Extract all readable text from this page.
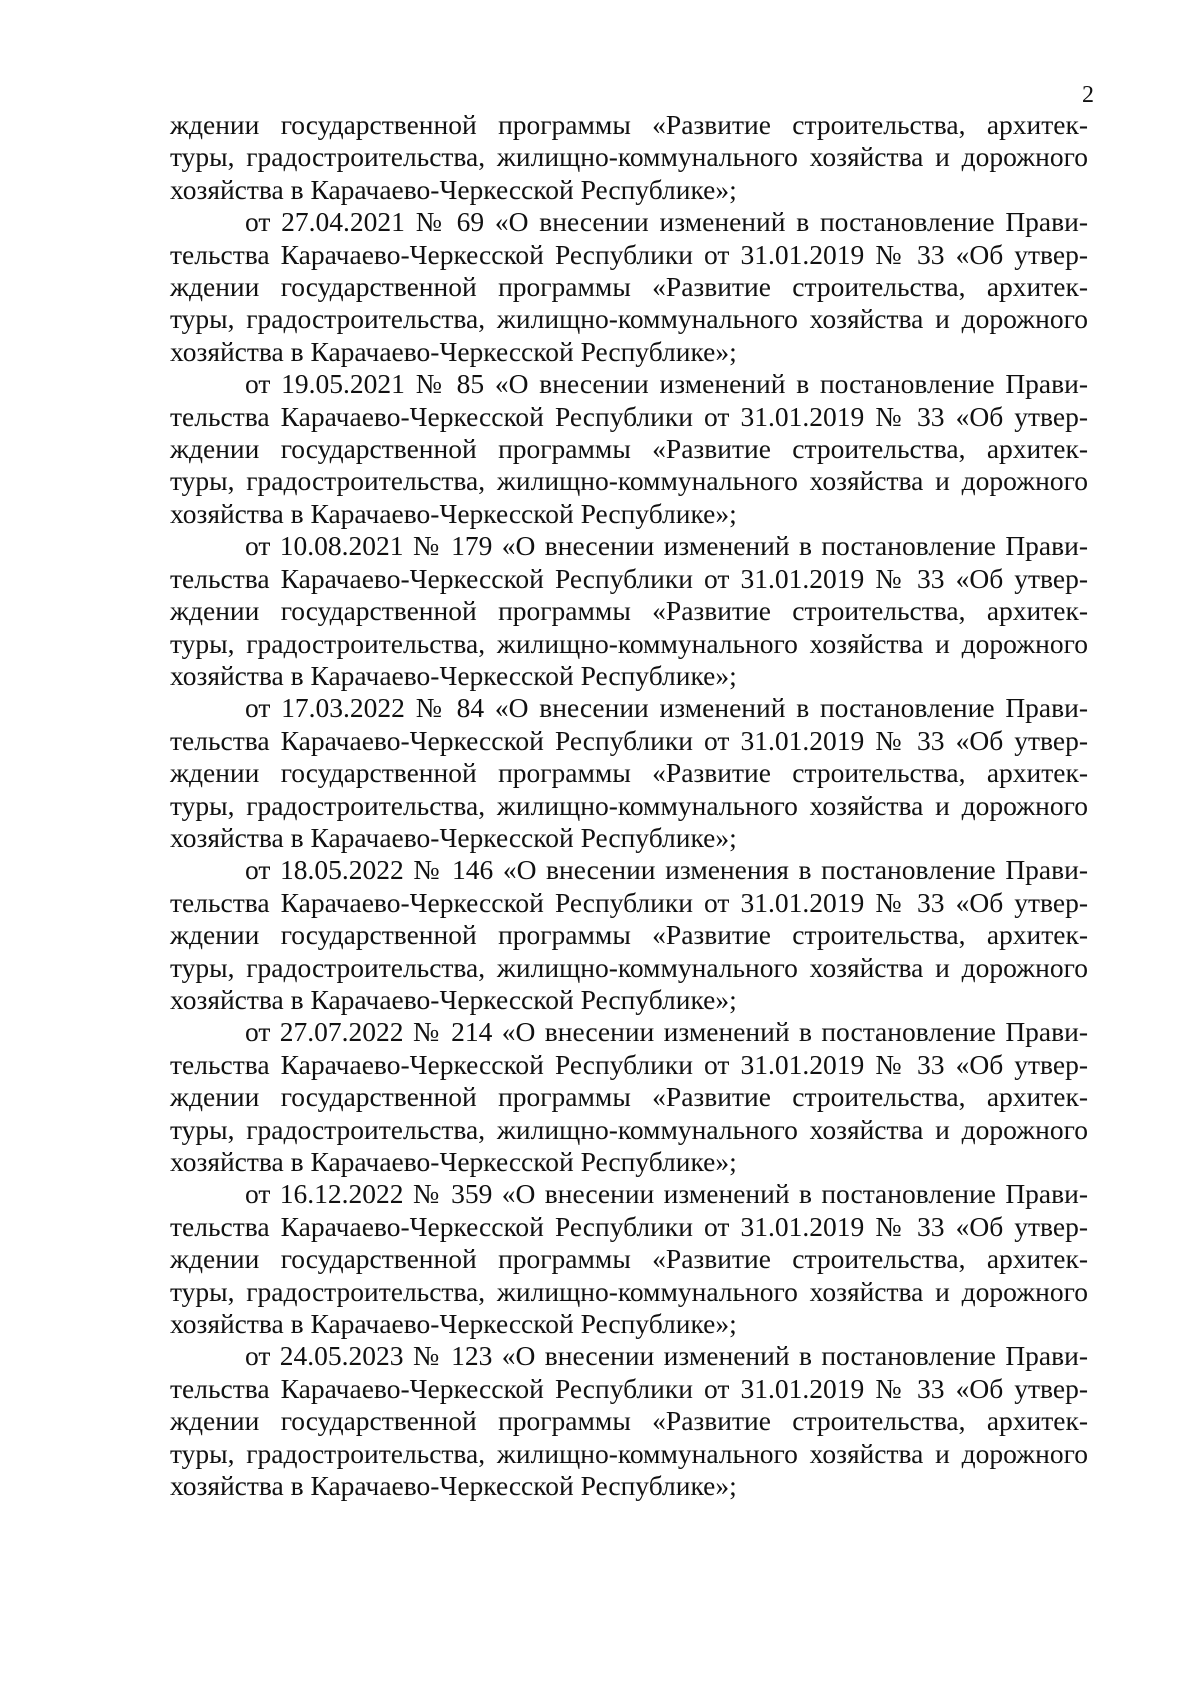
2
ждении государственной программы «Развитие строительства, архитек-
туры, градостроительства, жилищно-коммунального хозяйства и дорожного
хозяйства в Карачаево-Черкесской Республике»;
от 27.04.2021 № 69 «О внесении изменений в постановление Прави-
тельства Карачаево-Черкесской Республики от 31.01.2019 № 33 «Об утвер-
ждении государственной программы «Развитие строительства, архитек-
туры, градостроительства, жилищно-коммунального хозяйства и дорожного
хозяйства в Карачаево-Черкесской Республике»;
от 19.05.2021 № 85 «О внесении изменений в постановление Прави-
тельства Карачаево-Черкесской Республики от 31.01.2019 № 33 «Об утвер-
ждении государственной программы «Развитие строительства, архитек-
туры, градостроительства, жилищно-коммунального хозяйства и дорожного
хозяйства в Карачаево-Черкесской Республике»;
от 10.08.2021 № 179 «О внесении изменений в постановление Прави-
тельства Карачаево-Черкесской Республики от 31.01.2019 № 33 «Об утвер-
ждении государственной программы «Развитие строительства, архитек-
туры, градостроительства, жилищно-коммунального хозяйства и дорожного
хозяйства в Карачаево-Черкесской Республике»;
от 17.03.2022 № 84 «О внесении изменений в постановление Прави-
тельства Карачаево-Черкесской Республики от 31.01.2019 № 33 «Об утвер-
ждении государственной программы «Развитие строительства, архитек-
туры, градостроительства, жилищно-коммунального хозяйства и дорожного
хозяйства в Карачаево-Черкесской Республике»;
от 18.05.2022 № 146 «О внесении изменения в постановление Прави-
тельства Карачаево-Черкесской Республики от 31.01.2019 № 33 «Об утвер-
ждении государственной программы «Развитие строительства, архитек-
туры, градостроительства, жилищно-коммунального хозяйства и дорожного
хозяйства в Карачаево-Черкесской Республике»;
от 27.07.2022 № 214 «О внесении изменений в постановление Прави-
тельства Карачаево-Черкесской Республики от 31.01.2019 № 33 «Об утвер-
ждении государственной программы «Развитие строительства, архитек-
туры, градостроительства, жилищно-коммунального хозяйства и дорожного
хозяйства в Карачаево-Черкесской Республике»;
от 16.12.2022 № 359 «О внесении изменений в постановление Прави-
тельства Карачаево-Черкесской Республики от 31.01.2019 № 33 «Об утвер-
ждении государственной программы «Развитие строительства, архитек-
туры, градостроительства, жилищно-коммунального хозяйства и дорожного
хозяйства в Карачаево-Черкесской Республике»;
от 24.05.2023 № 123 «О внесении изменений в постановление Прави-
тельства Карачаево-Черкесской Республики от 31.01.2019 № 33 «Об утвер-
ждении государственной программы «Развитие строительства, архитек-
туры, градостроительства, жилищно-коммунального хозяйства и дорожного
хозяйства в Карачаево-Черкесской Республике»;
